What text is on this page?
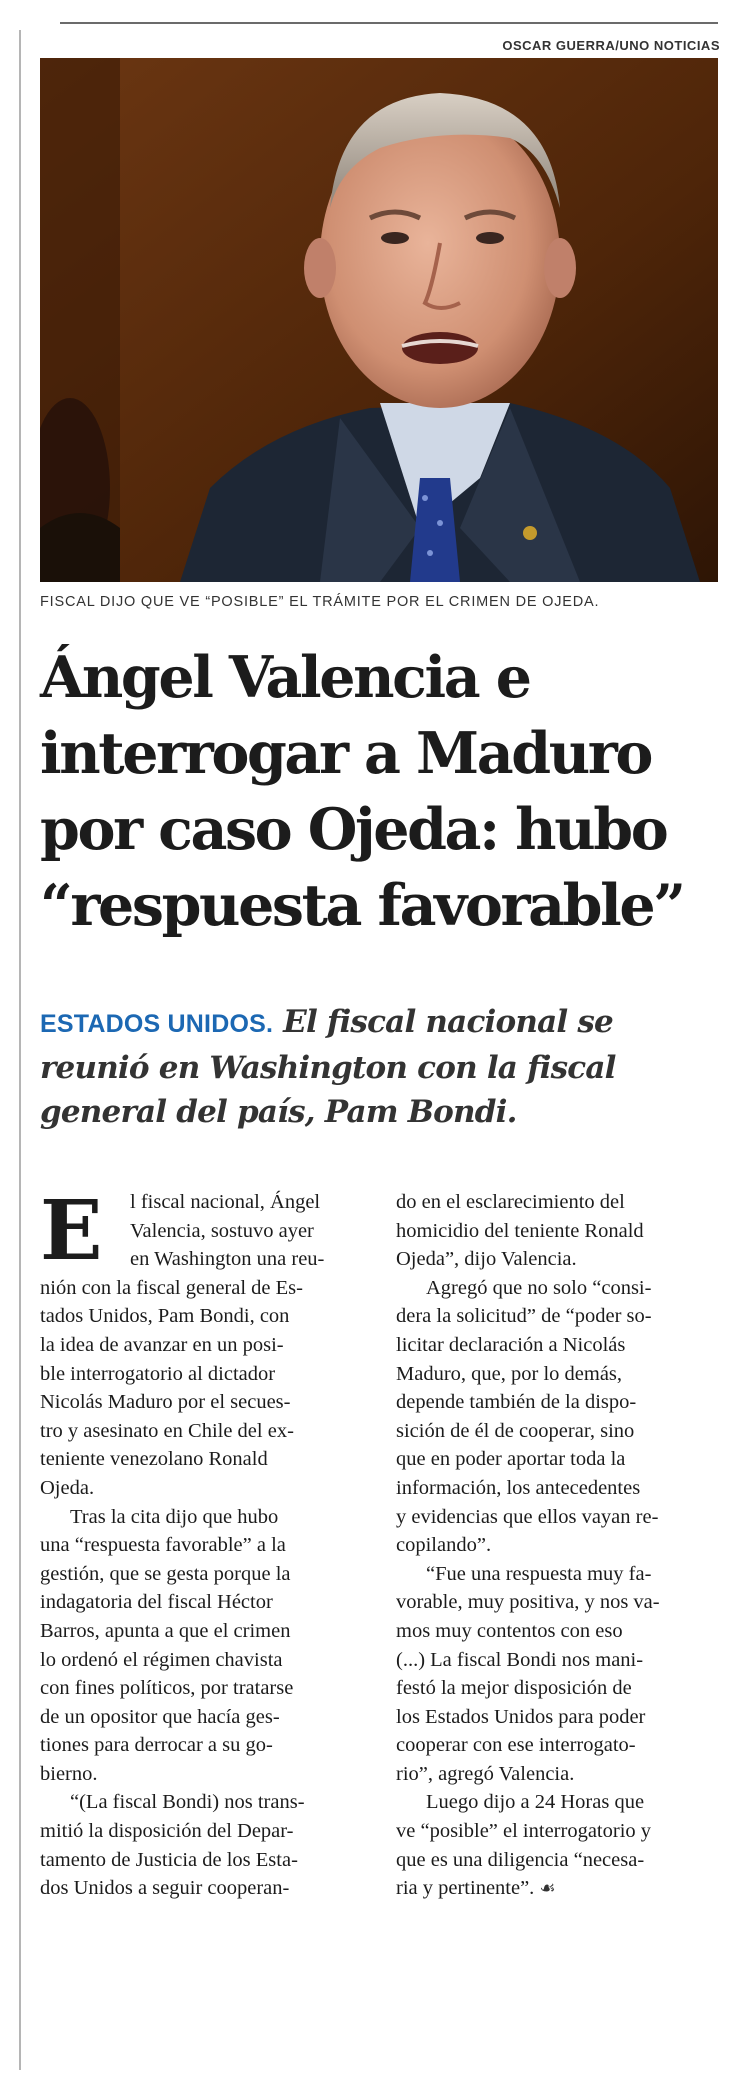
OSCAR GUERRA/UNO NOTICIAS
FISCAL DIJO QUE VE “POSIBLE” EL TRÁMITE POR EL CRIMEN DE OJEDA.
Ángel Valencia e
interrogar a Maduro
por caso Ojeda: hubo
“respuesta favorable”
ESTADOS UNIDOS. El fiscal nacional se
reunió en Washington con la fiscal
general del país, Pam Bondi.
E	l fiscal nacional, Ángel
Valencia, sostuvo ayer
en Washington una reu-
nión con la fiscal general de Es-
tados Unidos, Pam Bondi, con
la idea de avanzar en un posi-
ble interrogatorio al dictador
Nicolás Maduro por el secues-
tro y asesinato en Chile del ex-
teniente venezolano Ronald
Ojeda.
Tras la cita dijo que hubo
una “respuesta favorable” a la
gestión, que se gesta porque la
indagatoria del fiscal Héctor
Barros, apunta a que el crimen
lo ordenó el régimen chavista
con fines políticos, por tratarse
de un opositor que hacía ges-
tiones para derrocar a su go-
bierno.
“(La fiscal Bondi) nos trans-
mitió la disposición del Depar-
tamento de Justicia de los Esta-
dos Unidos a seguir cooperan-
do en el esclarecimiento del
homicidio del teniente Ronald
Ojeda”, dijo Valencia.
Agregó que no solo “consi-
dera la solicitud” de “poder so-
licitar declaración a Nicolás
Maduro, que, por lo demás,
depende también de la dispo-
sición de él de cooperar, sino
que en poder aportar toda la
información, los antecedentes
y evidencias que ellos vayan re-
copilando”.
“Fue una respuesta muy fa-
vorable, muy positiva, y nos va-
mos muy contentos con eso
(...) La fiscal Bondi nos mani-
festó la mejor disposición de
los Estados Unidos para poder
cooperar con ese interrogato-
rio”, agregó Valencia.
Luego dijo a 24 Horas que
ve “posible” el interrogatorio y
que es una diligencia “necesa-
ria y pertinente”. ☙
